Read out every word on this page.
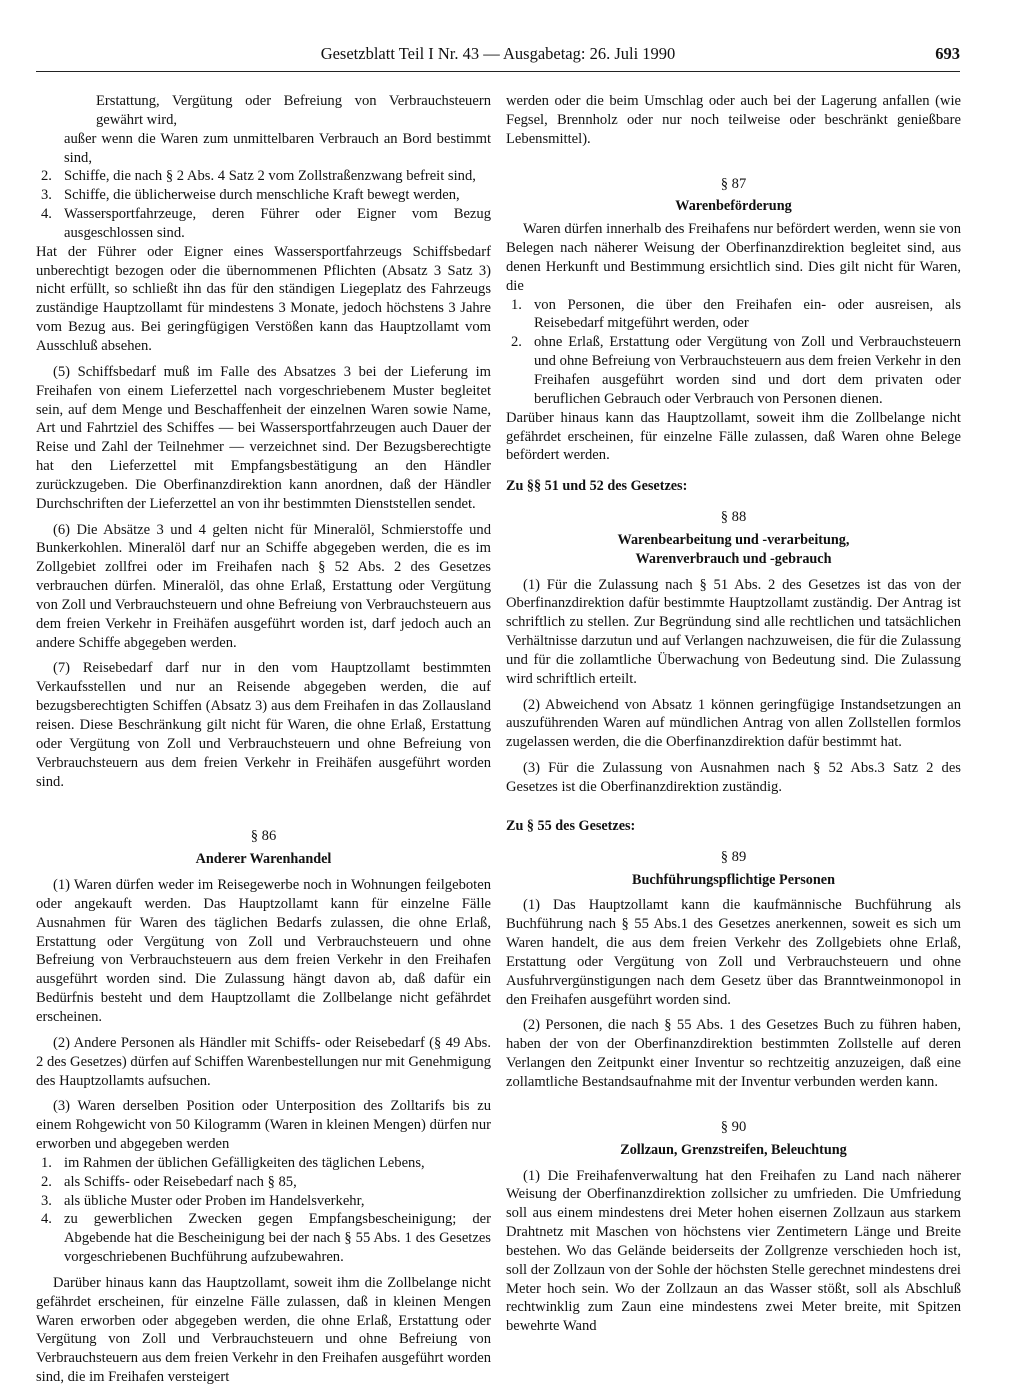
Gesetzblatt Teil I Nr. 43 — Ausgabetag: 26. Juli 1990	693

Erstattung, Vergütung oder Befreiung von Verbrauchsteuern gewährt wird,

außer wenn die Waren zum unmittelbaren Verbrauch an Bord bestimmt sind,

2. Schiffe, die nach § 2 Abs. 4 Satz 2 vom Zollstraßenzwang befreit sind,
3. Schiffe, die üblicherweise durch menschliche Kraft bewegt werden,
4. Wassersportfahrzeuge, deren Führer oder Eigner vom Bezug ausgeschlossen sind.

Hat der Führer oder Eigner eines Wassersportfahrzeugs Schiffsbedarf unberechtigt bezogen oder die übernommenen Pflichten (Absatz 3 Satz 3) nicht erfüllt, so schließt ihn das für den ständigen Liegeplatz des Fahrzeugs zuständige Hauptzollamt für mindestens 3 Monate, jedoch höchstens 3 Jahre vom Bezug aus. Bei geringfügigen Verstößen kann das Hauptzollamt vom Ausschluß absehen.

(5) Schiffsbedarf muß im Falle des Absatzes 3 bei der Lieferung im Freihafen von einem Lieferzettel nach vorgeschriebenem Muster begleitet sein, auf dem Menge und Beschaffenheit der einzelnen Waren sowie Name, Art und Fahrtziel des Schiffes — bei Wassersportfahrzeugen auch Dauer der Reise und Zahl der Teilnehmer — verzeichnet sind. Der Bezugsberechtigte hat den Lieferzettel mit Empfangsbestätigung an den Händler zurückzugeben. Die Oberfinanzdirektion kann anordnen, daß der Händler Durchschriften der Lieferzettel an von ihr bestimmten Dienststellen sendet.

(6) Die Absätze 3 und 4 gelten nicht für Mineralöl, Schmierstoffe und Bunkerkohlen. Mineralöl darf nur an Schiffe abgegeben werden, die es im Zollgebiet zollfrei oder im Freihafen nach § 52 Abs. 2 des Gesetzes verbrauchen dürfen. Mineralöl, das ohne Erlaß, Erstattung oder Vergütung von Zoll und Verbrauchsteuern und ohne Befreiung von Verbrauchsteuern aus dem freien Verkehr in Freihäfen ausgeführt worden ist, darf jedoch auch an andere Schiffe abgegeben werden.

(7) Reisebedarf darf nur in den vom Hauptzollamt bestimmten Verkaufsstellen und nur an Reisende abgegeben werden, die auf bezugsberechtigten Schiffen (Absatz 3) aus dem Freihafen in das Zollausland reisen. Diese Beschränkung gilt nicht für Waren, die ohne Erlaß, Erstattung oder Vergütung von Zoll und Verbrauchsteuern und ohne Befreiung von Verbrauchsteuern aus dem freien Verkehr in Freihäfen ausgeführt worden sind.

§ 86

Anderer Warenhandel

(1) Waren dürfen weder im Reisegewerbe noch in Wohnungen feilgeboten oder angekauft werden. Das Hauptzollamt kann für einzelne Fälle Ausnahmen für Waren des täglichen Bedarfs zulassen, die ohne Erlaß, Erstattung oder Vergütung von Zoll und Verbrauchsteuern und ohne Befreiung von Verbrauchsteuern aus dem freien Verkehr in den Freihafen ausgeführt worden sind. Die Zulassung hängt davon ab, daß dafür ein Bedürfnis besteht und dem Hauptzollamt die Zollbelange nicht gefährdet erscheinen.

(2) Andere Personen als Händler mit Schiffs- oder Reisebedarf (§ 49 Abs. 2 des Gesetzes) dürfen auf Schiffen Warenbestellungen nur mit Genehmigung des Hauptzollamts aufsuchen.

(3) Waren derselben Position oder Unterposition des Zolltarifs bis zu einem Rohgewicht von 50 Kilogramm (Waren in kleinen Mengen) dürfen nur erworben und abgegeben werden

1. im Rahmen der üblichen Gefälligkeiten des täglichen Lebens,
2. als Schiffs- oder Reisebedarf nach § 85,
3. als übliche Muster oder Proben im Handelsverkehr,
4. zu gewerblichen Zwecken gegen Empfangsbescheinigung; der Abgebende hat die Bescheinigung bei der nach § 55 Abs. 1 des Gesetzes vorgeschriebenen Buchführung aufzubewahren.

Darüber hinaus kann das Hauptzollamt, soweit ihm die Zollbelange nicht gefährdet erscheinen, für einzelne Fälle zulassen, daß in kleinen Mengen Waren erworben oder abgegeben werden, die ohne Erlaß, Erstattung oder Vergütung von Zoll und Verbrauchsteuern und ohne Befreiung von Verbrauchsteuern aus dem freien Verkehr in den Freihafen ausgeführt worden sind, die im Freihafen versteigert

werden oder die beim Umschlag oder auch bei der Lagerung anfallen (wie Fegsel, Brennholz oder nur noch teilweise oder beschränkt genießbare Lebensmittel).

§ 87

Warenbeförderung

Waren dürfen innerhalb des Freihafens nur befördert werden, wenn sie von Belegen nach näherer Weisung der Oberfinanzdirektion begleitet sind, aus denen Herkunft und Bestimmung ersichtlich sind. Dies gilt nicht für Waren, die

1. von Personen, die über den Freihafen ein- oder ausreisen, als Reisebedarf mitgeführt werden, oder
2. ohne Erlaß, Erstattung oder Vergütung von Zoll und Verbrauchsteuern und ohne Befreiung von Verbrauchsteuern aus dem freien Verkehr in den Freihafen ausgeführt worden sind und dort dem privaten oder beruflichen Gebrauch oder Verbrauch von Personen dienen.

Darüber hinaus kann das Hauptzollamt, soweit ihm die Zollbelange nicht gefährdet erscheinen, für einzelne Fälle zulassen, daß Waren ohne Belege befördert werden.

Zu §§ 51 und 52 des Gesetzes:

§ 88

Warenbearbeitung und -verarbeitung,

Warenverbrauch und -gebrauch

(1) Für die Zulassung nach § 51 Abs. 2 des Gesetzes ist das von der Oberfinanzdirektion dafür bestimmte Hauptzollamt zuständig. Der Antrag ist schriftlich zu stellen. Zur Begründung sind alle rechtlichen und tatsächlichen Verhältnisse darzutun und auf Verlangen nachzuweisen, die für die Zulassung und für die zollamtliche Überwachung von Bedeutung sind. Die Zulassung wird schriftlich erteilt.

(2) Abweichend von Absatz 1 können geringfügige Instandsetzungen an auszuführenden Waren auf mündlichen Antrag von allen Zollstellen formlos zugelassen werden, die die Oberfinanzdirektion dafür bestimmt hat.

(3) Für die Zulassung von Ausnahmen nach § 52 Abs.3 Satz 2 des Gesetzes ist die Oberfinanzdirektion zuständig.

Zu § 55 des Gesetzes:

§ 89

Buchführungspflichtige Personen

(1) Das Hauptzollamt kann die kaufmännische Buchführung als Buchführung nach § 55 Abs.1 des Gesetzes anerkennen, soweit es sich um Waren handelt, die aus dem freien Verkehr des Zollgebiets ohne Erlaß, Erstattung oder Vergütung von Zoll und Verbrauchsteuern und ohne Ausfuhrvergünstigungen nach dem Gesetz über das Branntweinmonopol in den Freihafen ausgeführt worden sind.

(2) Personen, die nach § 55 Abs. 1 des Gesetzes Buch zu führen haben, haben der von der Oberfinanzdirektion bestimmten Zollstelle auf deren Verlangen den Zeitpunkt einer Inventur so rechtzeitig anzuzeigen, daß eine zollamtliche Bestandsaufnahme mit der Inventur verbunden werden kann.

§ 90

Zollzaun, Grenzstreifen, Beleuchtung

(1) Die Freihafenverwaltung hat den Freihafen zu Land nach näherer Weisung der Oberfinanzdirektion zollsicher zu umfrieden. Die Umfriedung soll aus einem mindestens drei Meter hohen eisernen Zollzaun aus starkem Drahtnetz mit Maschen von höchstens vier Zentimetern Länge und Breite bestehen. Wo das Gelände beiderseits der Zollgrenze verschieden hoch ist, soll der Zollzaun von der Sohle der höchsten Stelle gerechnet mindestens drei Meter hoch sein. Wo der Zollzaun an das Wasser stößt, soll als Abschluß rechtwinklig zum Zaun eine mindestens zwei Meter breite, mit Spitzen bewehrte Wand
